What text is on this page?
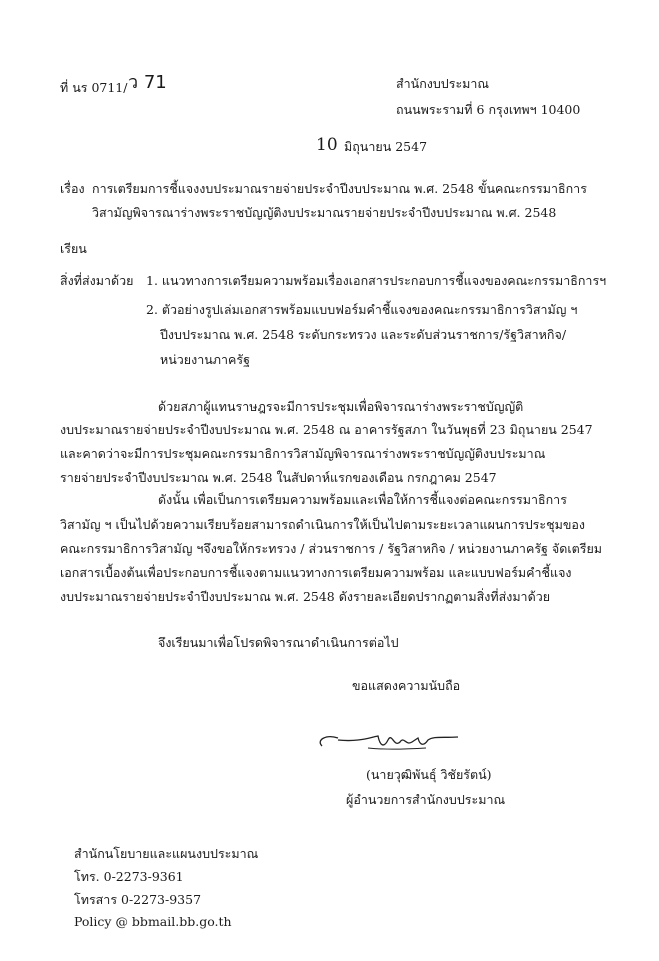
ที่ นร 0711/ ว 71	สำนักงบประมาณ
ถนนพระรามที่ 6 กรุงเทพฯ 10400
10 มิถุนายน 2547
เรื่อง การเตรียมการชี้แจงงบประมาณรายจ่ายประจำปีงบประมาณ พ.ศ. 2548 ขั้นคณะกรรมาธิการ
วิสามัญพิจารณาร่างพระราชบัญญัติงบประมาณรายจ่ายประจำปีงบประมาณ พ.ศ. 2548
เรียน
สิ่งที่ส่งมาด้วย 1. แนวทางการเตรียมความพร้อมเรื่องเอกสารประกอบการชี้แจงของคณะกรรมาธิการฯ
2. ตัวอย่างรูปเล่มเอกสารพร้อมแบบฟอร์มคำชี้แจงของคณะกรรมาธิการวิสามัญ ฯ
ปีงบประมาณ พ.ศ. 2548 ระดับกระทรวง และระดับส่วนราชการ/รัฐวิสาหกิจ/
หน่วยงานภาครัฐ
ด้วยสภาผู้แทนราษฎรจะมีการประชุมเพื่อพิจารณาร่างพระราชบัญญัติ
งบประมาณรายจ่ายประจำปีงบประมาณ พ.ศ. 2548 ณ อาคารรัฐสภา ในวันพุธที่ 23 มิถุนายน 2547
และคาดว่าจะมีการประชุมคณะกรรมาธิการวิสามัญพิจารณาร่างพระราชบัญญัติงบประมาณ
รายจ่ายประจำปีงบประมาณ พ.ศ. 2548 ในสัปดาห์แรกของเดือน กรกฎาคม 2547
ดังนั้น เพื่อเป็นการเตรียมความพร้อมและเพื่อให้การชี้แจงต่อคณะกรรมาธิการ
วิสามัญ ฯ เป็นไปด้วยความเรียบร้อยสามารถดำเนินการให้เป็นไปตามระยะเวลาแผนการประชุมของ
คณะกรรมาธิการวิสามัญ ฯจึงขอให้กระทรวง / ส่วนราชการ / รัฐวิสาหกิจ / หน่วยงานภาครัฐ จัดเตรียม
เอกสารเบื้องต้นเพื่อประกอบการชี้แจงตามแนวทางการเตรียมความพร้อม และแบบฟอร์มคำชี้แจง
งบประมาณรายจ่ายประจำปีงบประมาณ พ.ศ. 2548 ดังรายละเอียดปรากฏตามสิ่งที่ส่งมาด้วย
จึงเรียนมาเพื่อโปรดพิจารณาดำเนินการต่อไป
ขอแสดงความนับถือ
(นายวุฒิพันธุ์ วิชัยรัตน์)
ผู้อำนวยการสำนักงบประมาณ
สำนักนโยบายและแผนงบประมาณ
โทร. 0-2273-9361
โทรสาร 0-2273-9357
Policy @ bbmail.bb.go.th
